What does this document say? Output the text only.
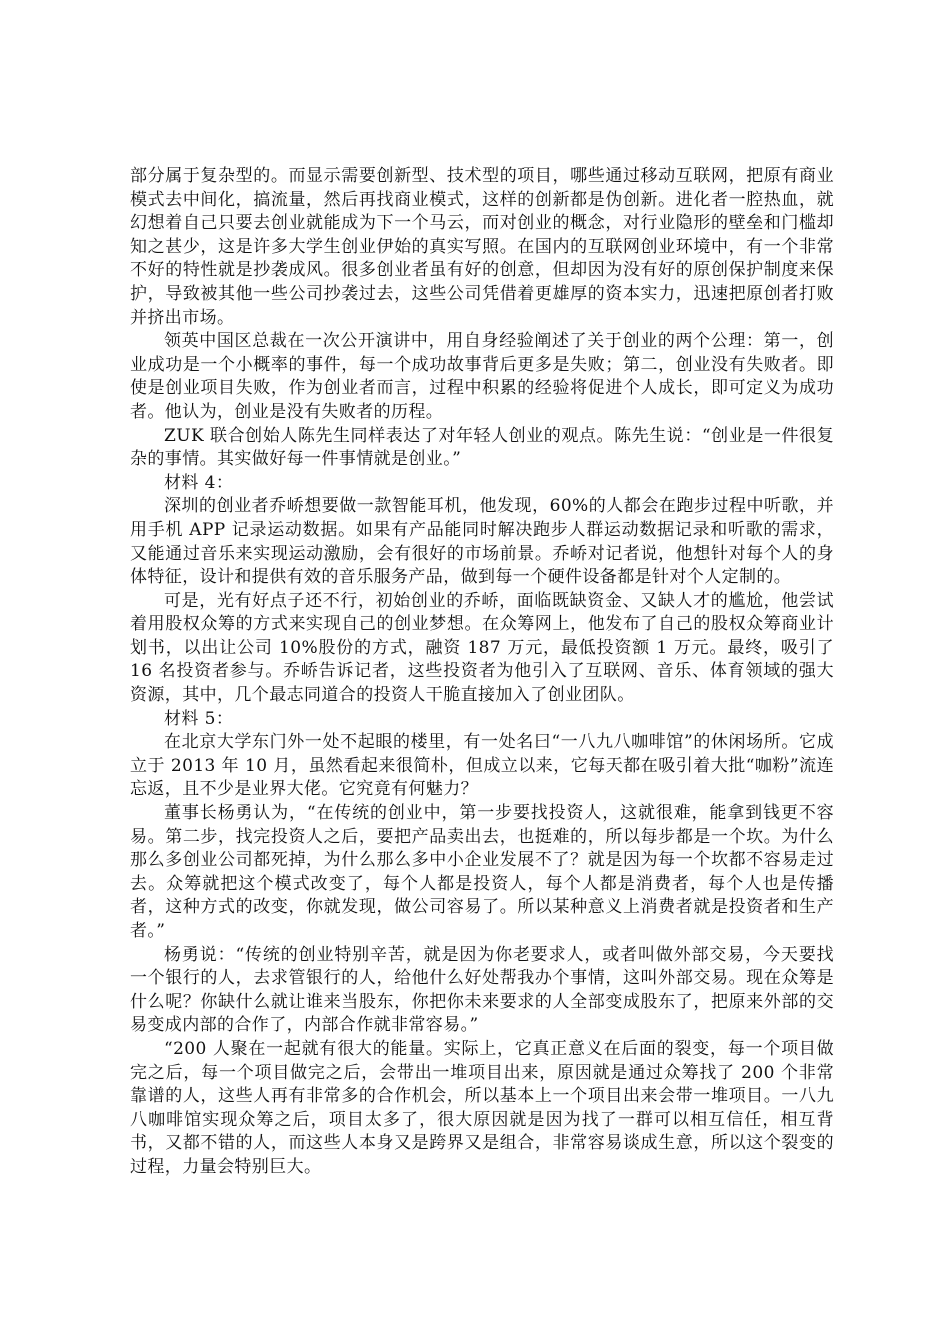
部分属于复杂型的。而显示需要创新型、技术型的项目，哪些通过移动互联网，把原有商业模式去中间化，搞流量，然后再找商业模式，这样的创新都是伪创新。进化者一腔热血，就幻想着自己只要去创业就能成为下一个马云，而对创业的概念，对行业隐形的壁垒和门槛却知之甚少，这是许多大学生创业伊始的真实写照。在国内的互联网创业环境中，有一个非常不好的特性就是抄袭成风。很多创业者虽有好的创意，但却因为没有好的原创保护制度来保护，导致被其他一些公司抄袭过去，这些公司凭借着更雄厚的资本实力，迅速把原创者打败并挤出市场。

领英中国区总裁在一次公开演讲中，用自身经验阐述了关于创业的两个公理：第一，创业成功是一个小概率的事件，每一个成功故事背后更多是失败；第二，创业没有失败者。即使是创业项目失败，作为创业者而言，过程中积累的经验将促进个人成长，即可定义为成功者。他认为，创业是没有失败者的历程。

ZUK 联合创始人陈先生同样表达了对年轻人创业的观点。陈先生说：“创业是一件很复杂的事情。其实做好每一件事情就是创业。”

材料 4：

深圳的创业者乔峤想要做一款智能耳机，他发现，60%的人都会在跑步过程中听歌，并用手机 APP 记录运动数据。如果有产品能同时解决跑步人群运动数据记录和听歌的需求，又能通过音乐来实现运动激励，会有很好的市场前景。乔峤对记者说，他想针对每个人的身体特征，设计和提供有效的音乐服务产品，做到每一个硬件设备都是针对个人定制的。

可是，光有好点子还不行，初始创业的乔峤，面临既缺资金、又缺人才的尴尬，他尝试着用股权众筹的方式来实现自己的创业梦想。在众筹网上，他发布了自己的股权众筹商业计划书，以出让公司 10%股份的方式，融资 187 万元，最低投资额 1 万元。最终，吸引了 16 名投资者参与。乔峤告诉记者，这些投资者为他引入了互联网、音乐、体育领域的强大资源，其中，几个最志同道合的投资人干脆直接加入了创业团队。

材料 5：

在北京大学东门外一处不起眼的楼里，有一处名曰“一八九八咖啡馆”的休闲场所。它成立于 2013 年 10 月，虽然看起来很简朴，但成立以来，它每天都在吸引着大批“咖粉”流连忘返，且不少是业界大佬。它究竟有何魅力？

董事长杨勇认为，“在传统的创业中，第一步要找投资人，这就很难，能拿到钱更不容易。第二步，找完投资人之后，要把产品卖出去，也挺难的，所以每步都是一个坎。为什么那么多创业公司都死掉，为什么那么多中小企业发展不了？就是因为每一个坎都不容易走过去。众筹就把这个模式改变了，每个人都是投资人，每个人都是消费者，每个人也是传播者，这种方式的改变，你就发现，做公司容易了。所以某种意义上消费者就是投资者和生产者。”

杨勇说：“传统的创业特别辛苦，就是因为你老要求人，或者叫做外部交易，今天要找一个银行的人，去求管银行的人，给他什么好处帮我办个事情，这叫外部交易。现在众筹是什么呢？你缺什么就让谁来当股东，你把你未来要求的人全部变成股东了，把原来外部的交易变成内部的合作了，内部合作就非常容易。”

“200 人聚在一起就有很大的能量。实际上，它真正意义在后面的裂变，每一个项目做完之后，每一个项目做完之后，会带出一堆项目出来，原因就是通过众筹找了 200 个非常靠谱的人，这些人再有非常多的合作机会，所以基本上一个项目出来会带一堆项目。一八九八咖啡馆实现众筹之后，项目太多了，很大原因就是因为找了一群可以相互信任，相互背书，又都不错的人，而这些人本身又是跨界又是组合，非常容易谈成生意，所以这个裂变的过程，力量会特别巨大。
